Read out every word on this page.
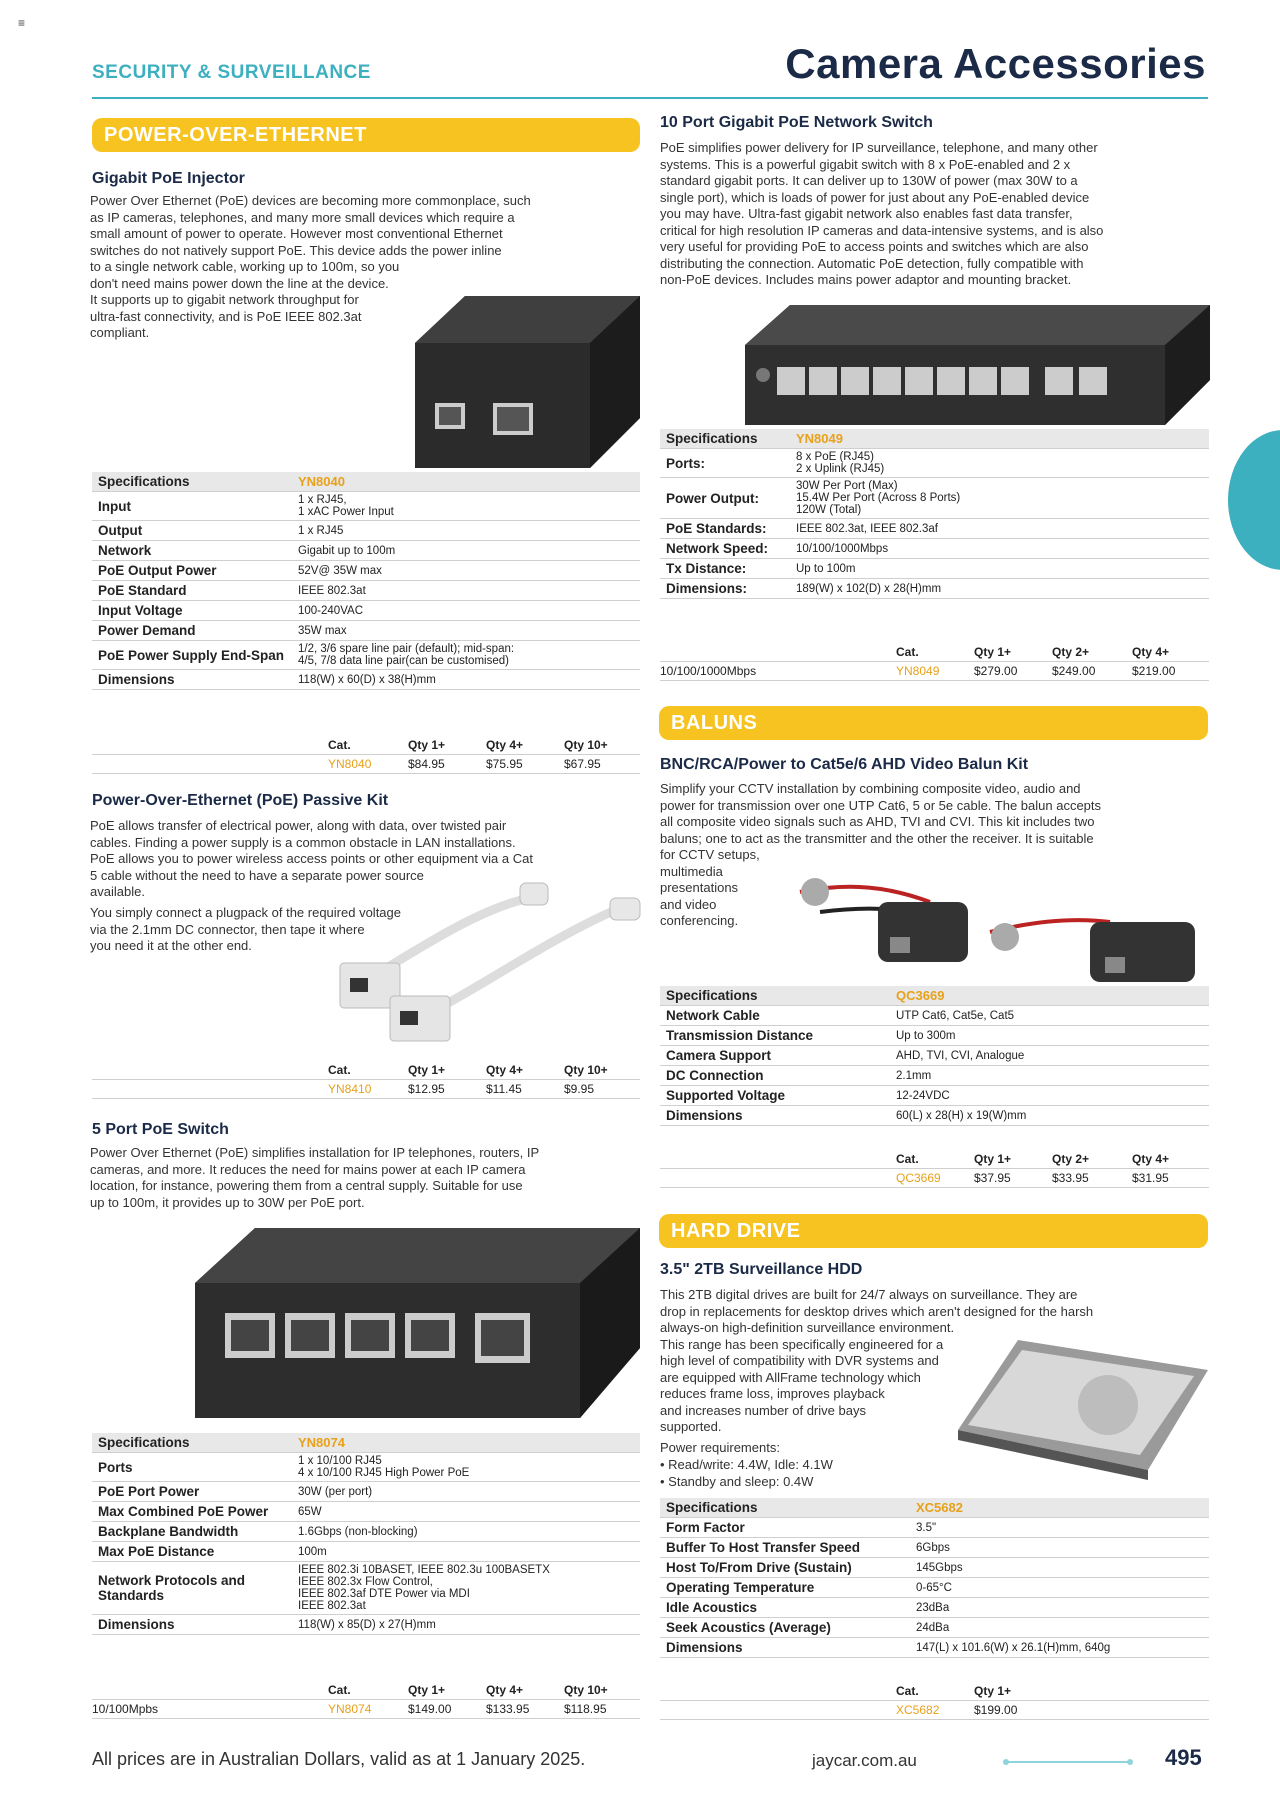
≡
SECURITY & SURVEILLANCE	Camera Accessories
POWER-OVER-ETHERNET
Gigabit PoE Injector
Power Over Ethernet (PoE) devices are becoming more commonplace, such
as IP cameras, telephones, and many more small devices which require a
small amount of power to operate. However most conventional Ethernet
switches do not natively support PoE. This device adds the power inline
to a single network cable, working up to 100m, so you
don't need mains power down the line at the device.
It supports up to gigabit network throughput for
ultra-fast connectivity, and is PoE IEEE 802.3at
compliant.
Specifications	YN8040
Input	1 x RJ45,
1 xAC Power Input

Output	1 x RJ45

Network	Gigabit up to 100m

PoE Output Power	52V@ 35W max

PoE Standard	IEEE 802.3at

Input Voltage	100-240VAC

Power Demand	35W max

PoE Power Supply End-Span	1/2, 3/6 spare line pair (default); mid-span:
4/5, 7/8 data line pair(can be customised)

Dimensions	118(W) x 60(D) x 38(H)mm
	Cat.	Qty 1+	Qty 4+	Qty 10+
	YN8040	$84.95	$75.95	$67.95
Power-Over-Ethernet (PoE) Passive Kit
PoE allows transfer of electrical power, along with data, over twisted pair
cables. Finding a power supply is a common obstacle in LAN installations.
PoE allows you to power wireless access points or other equipment via a Cat
5 cable without the need to have a separate power source
available.
You simply connect a plugpack of the required voltage
via the 2.1mm DC connector, then tape it where
you need it at the other end.
	Cat.	Qty 1+	Qty 4+	Qty 10+
	YN8410	$12.95	$11.45	$9.95
5 Port PoE Switch
Power Over Ethernet (PoE) simplifies installation for IP telephones, routers, IP
cameras, and more. It reduces the need for mains power at each IP camera
location, for instance, powering them from a central supply. Suitable for use
up to 100m, it provides up to 30W per PoE port.
Specifications	YN8074
Ports	1 x 10/100 RJ45
4 x 10/100 RJ45 High Power PoE

PoE Port Power	30W (per port)

Max Combined PoE Power	65W

Backplane Bandwidth	1.6Gbps (non-blocking)

Max PoE Distance	100m

Network Protocols and Standards	IEEE 802.3i 10BASET, IEEE 802.3u 100BASETX
IEEE 802.3x Flow Control,
IEEE 802.3af DTE Power via MDI
IEEE 802.3at

Dimensions	118(W) x 85(D) x 27(H)mm
	Cat.	Qty 1+	Qty 4+	Qty 10+
10/100Mpbs	YN8074	$149.00	$133.95	$118.95
10 Port Gigabit PoE Network Switch
PoE simplifies power delivery for IP surveillance, telephone, and many other
systems. This is a powerful gigabit switch with 8 x PoE-enabled and 2 x
standard gigabit ports. It can deliver up to 130W of power (max 30W to a
single port), which is loads of power for just about any PoE-enabled device
you may have. Ultra-fast gigabit network also enables fast data transfer,
critical for high resolution IP cameras and data-intensive systems, and is also
very useful for providing PoE to access points and switches which are also
distributing the connection. Automatic PoE detection, fully compatible with
non-PoE devices. Includes mains power adaptor and mounting bracket.
Specifications	YN8049
Ports:	8 x PoE (RJ45)
2 x Uplink (RJ45)

Power Output:	30W Per Port (Max)
15.4W Per Port (Across 8 Ports)
120W (Total)

PoE Standards:	IEEE 802.3at, IEEE 802.3af

Network Speed:	10/100/1000Mbps

Tx Distance:	Up to 100m

Dimensions:	189(W) x 102(D) x 28(H)mm
	Cat.	Qty 1+	Qty 2+	Qty 4+
10/100/1000Mbps	YN8049	$279.00	$249.00	$219.00
BALUNS
BNC/RCA/Power to Cat5e/6 AHD Video Balun Kit
Simplify your CCTV installation by combining composite video, audio and
power for transmission over one UTP Cat6, 5 or 5e cable. The balun accepts
all composite video signals such as AHD, TVI and CVI. This kit includes two
baluns; one to act as the transmitter and the other the receiver. It is suitable
for CCTV setups,
multimedia
presentations
and video
conferencing.
Specifications	QC3669
Network Cable	UTP Cat6, Cat5e, Cat5

Transmission Distance	Up to 300m

Camera Support	AHD, TVI, CVI, Analogue

DC Connection	2.1mm

Supported Voltage	12-24VDC

Dimensions	60(L) x 28(H) x 19(W)mm
	Cat.	Qty 1+	Qty 2+	Qty 4+
	QC3669	$37.95	$33.95	$31.95
HARD DRIVE
3.5" 2TB Surveillance HDD
This 2TB digital drives are built for 24/7 always on surveillance. They are
drop in replacements for desktop drives which aren't designed for the harsh
always-on high-definition surveillance environment.
This range has been specifically engineered for a
high level of compatibility with DVR systems and
are equipped with AllFrame technology which
reduces frame loss, improves playback
and increases number of drive bays
supported.
Power requirements:
• Read/write: 4.4W, Idle: 4.1W
• Standby and sleep: 0.4W
Specifications	XC5682
Form Factor	3.5"

Buffer To Host Transfer Speed	6Gbps

Host To/From Drive (Sustain)	145Gbps

Operating Temperature	0-65°C

Idle Acoustics	23dBa

Seek Acoustics (Average)	24dBa

Dimensions	147(L) x 101.6(W) x 26.1(H)mm, 640g
	Cat.	Qty 1+
	XC5682	$199.00
All prices are in Australian Dollars, valid as at 1 January 2025.	jaycar.com.au	495
